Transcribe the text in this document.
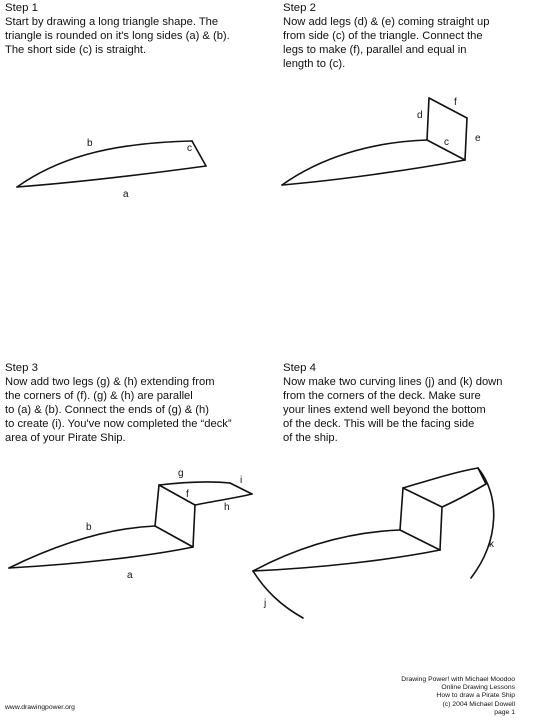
Step 1

Start by drawing a long triangle shape. The

triangle is rounded on it's long sides (a) & (b).

The short side (c) is straight.

Step 2

Now add legs (d) & (e) coming straight up

from side (c) of the triangle. Connect the

legs to make (f), parallel and equal in

length to (c).

Step 3

Now add two legs (g) & (h) extending from

the corners of (f). (g) & (h) are parallel

to (a) & (b). Connect the ends of (g) & (h)

to create (i). You've now completed the “deck”

area of your Pirate Ship.

Step 4

Now make two curving lines (j) and (k) down

from the corners of the deck. Make sure

your lines extend well beyond the bottom

of the deck. This will be the facing side

of the ship.

b	c
a
d
f
e
c
g
i
f
h
b
a
k
j
www.drawingpower.org
Drawing Power! with Michael Moodoo
Online Drawing Lessons
How to draw a Pirate Ship
(c) 2004 Michael Dowell
page 1
